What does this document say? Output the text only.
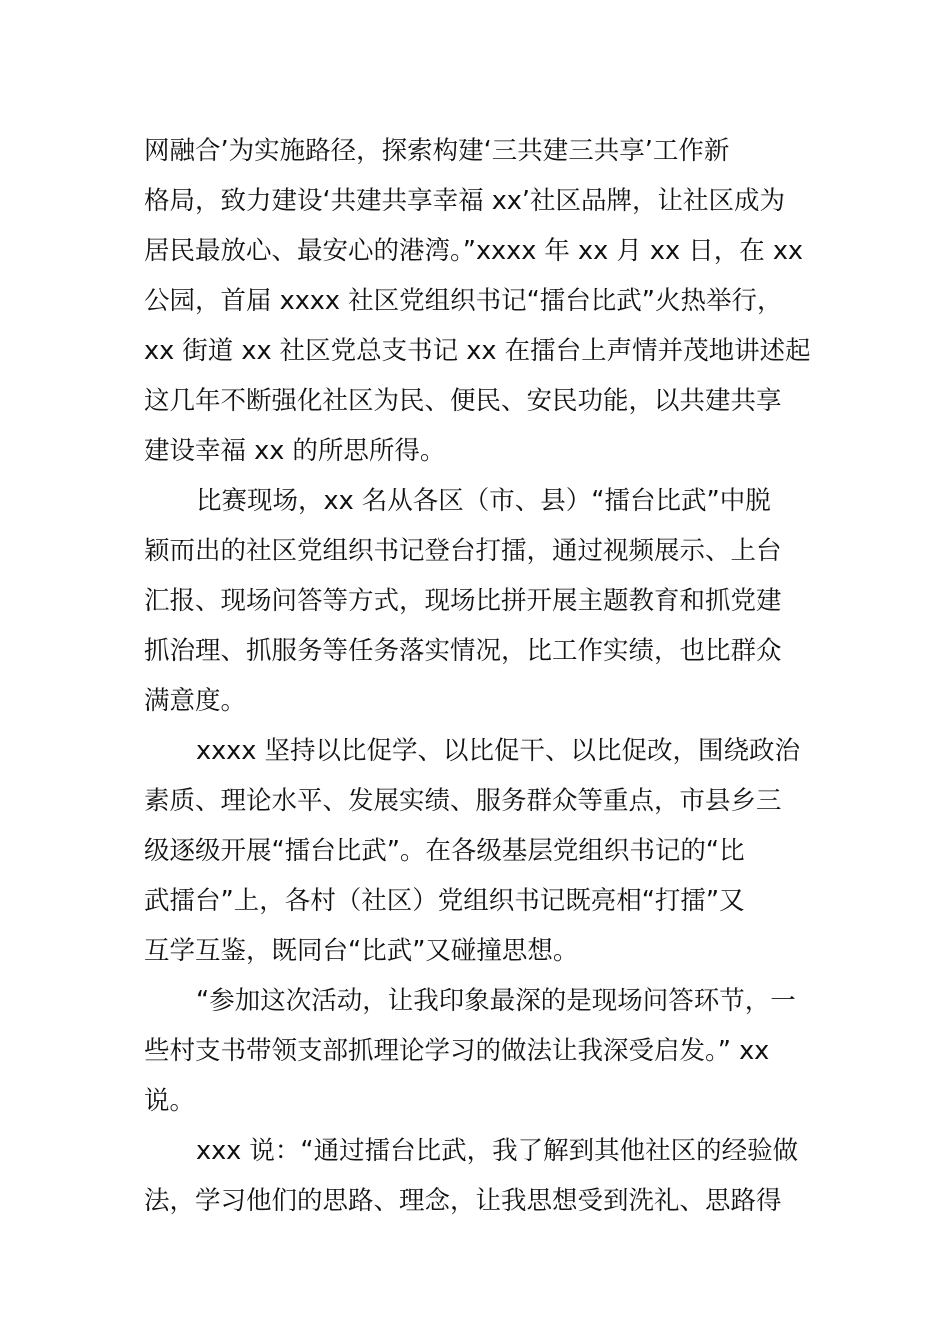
网融合’为实施路径，探索构建‘三共建三共享’工作新
格局，致力建设‘共建共享幸福 xx’社区品牌，让社区成为
居民最放心、最安心的港湾。”xxxx 年 xx 月 xx 日，在 xx
公园，首届 xxxx 社区党组织书记“擂台比武”火热举行，
xx 街道 xx 社区党总支书记 xx 在擂台上声情并茂地讲述起
这几年不断强化社区为民、便民、安民功能，以共建共享
建设幸福 xx 的所思所得。
比赛现场，xx 名从各区（市、县）“擂台比武”中脱
颖而出的社区党组织书记登台打擂，通过视频展示、上台
汇报、现场问答等方式，现场比拼开展主题教育和抓党建
抓治理、抓服务等任务落实情况，比工作实绩，也比群众
满意度。
xxxx 坚持以比促学、以比促干、以比促改，围绕政治
素质、理论水平、发展实绩、服务群众等重点，市县乡三
级逐级开展“擂台比武”。在各级基层党组织书记的“比
武擂台”上，各村（社区）党组织书记既亮相“打擂”又
互学互鉴，既同台“比武”又碰撞思想。
“参加这次活动，让我印象最深的是现场问答环节，一
些村支书带领支部抓理论学习的做法让我深受启发。” xx
说。
xxx 说：“通过擂台比武，我了解到其他社区的经验做
法，学习他们的思路、理念，让我思想受到洗礼、思路得
